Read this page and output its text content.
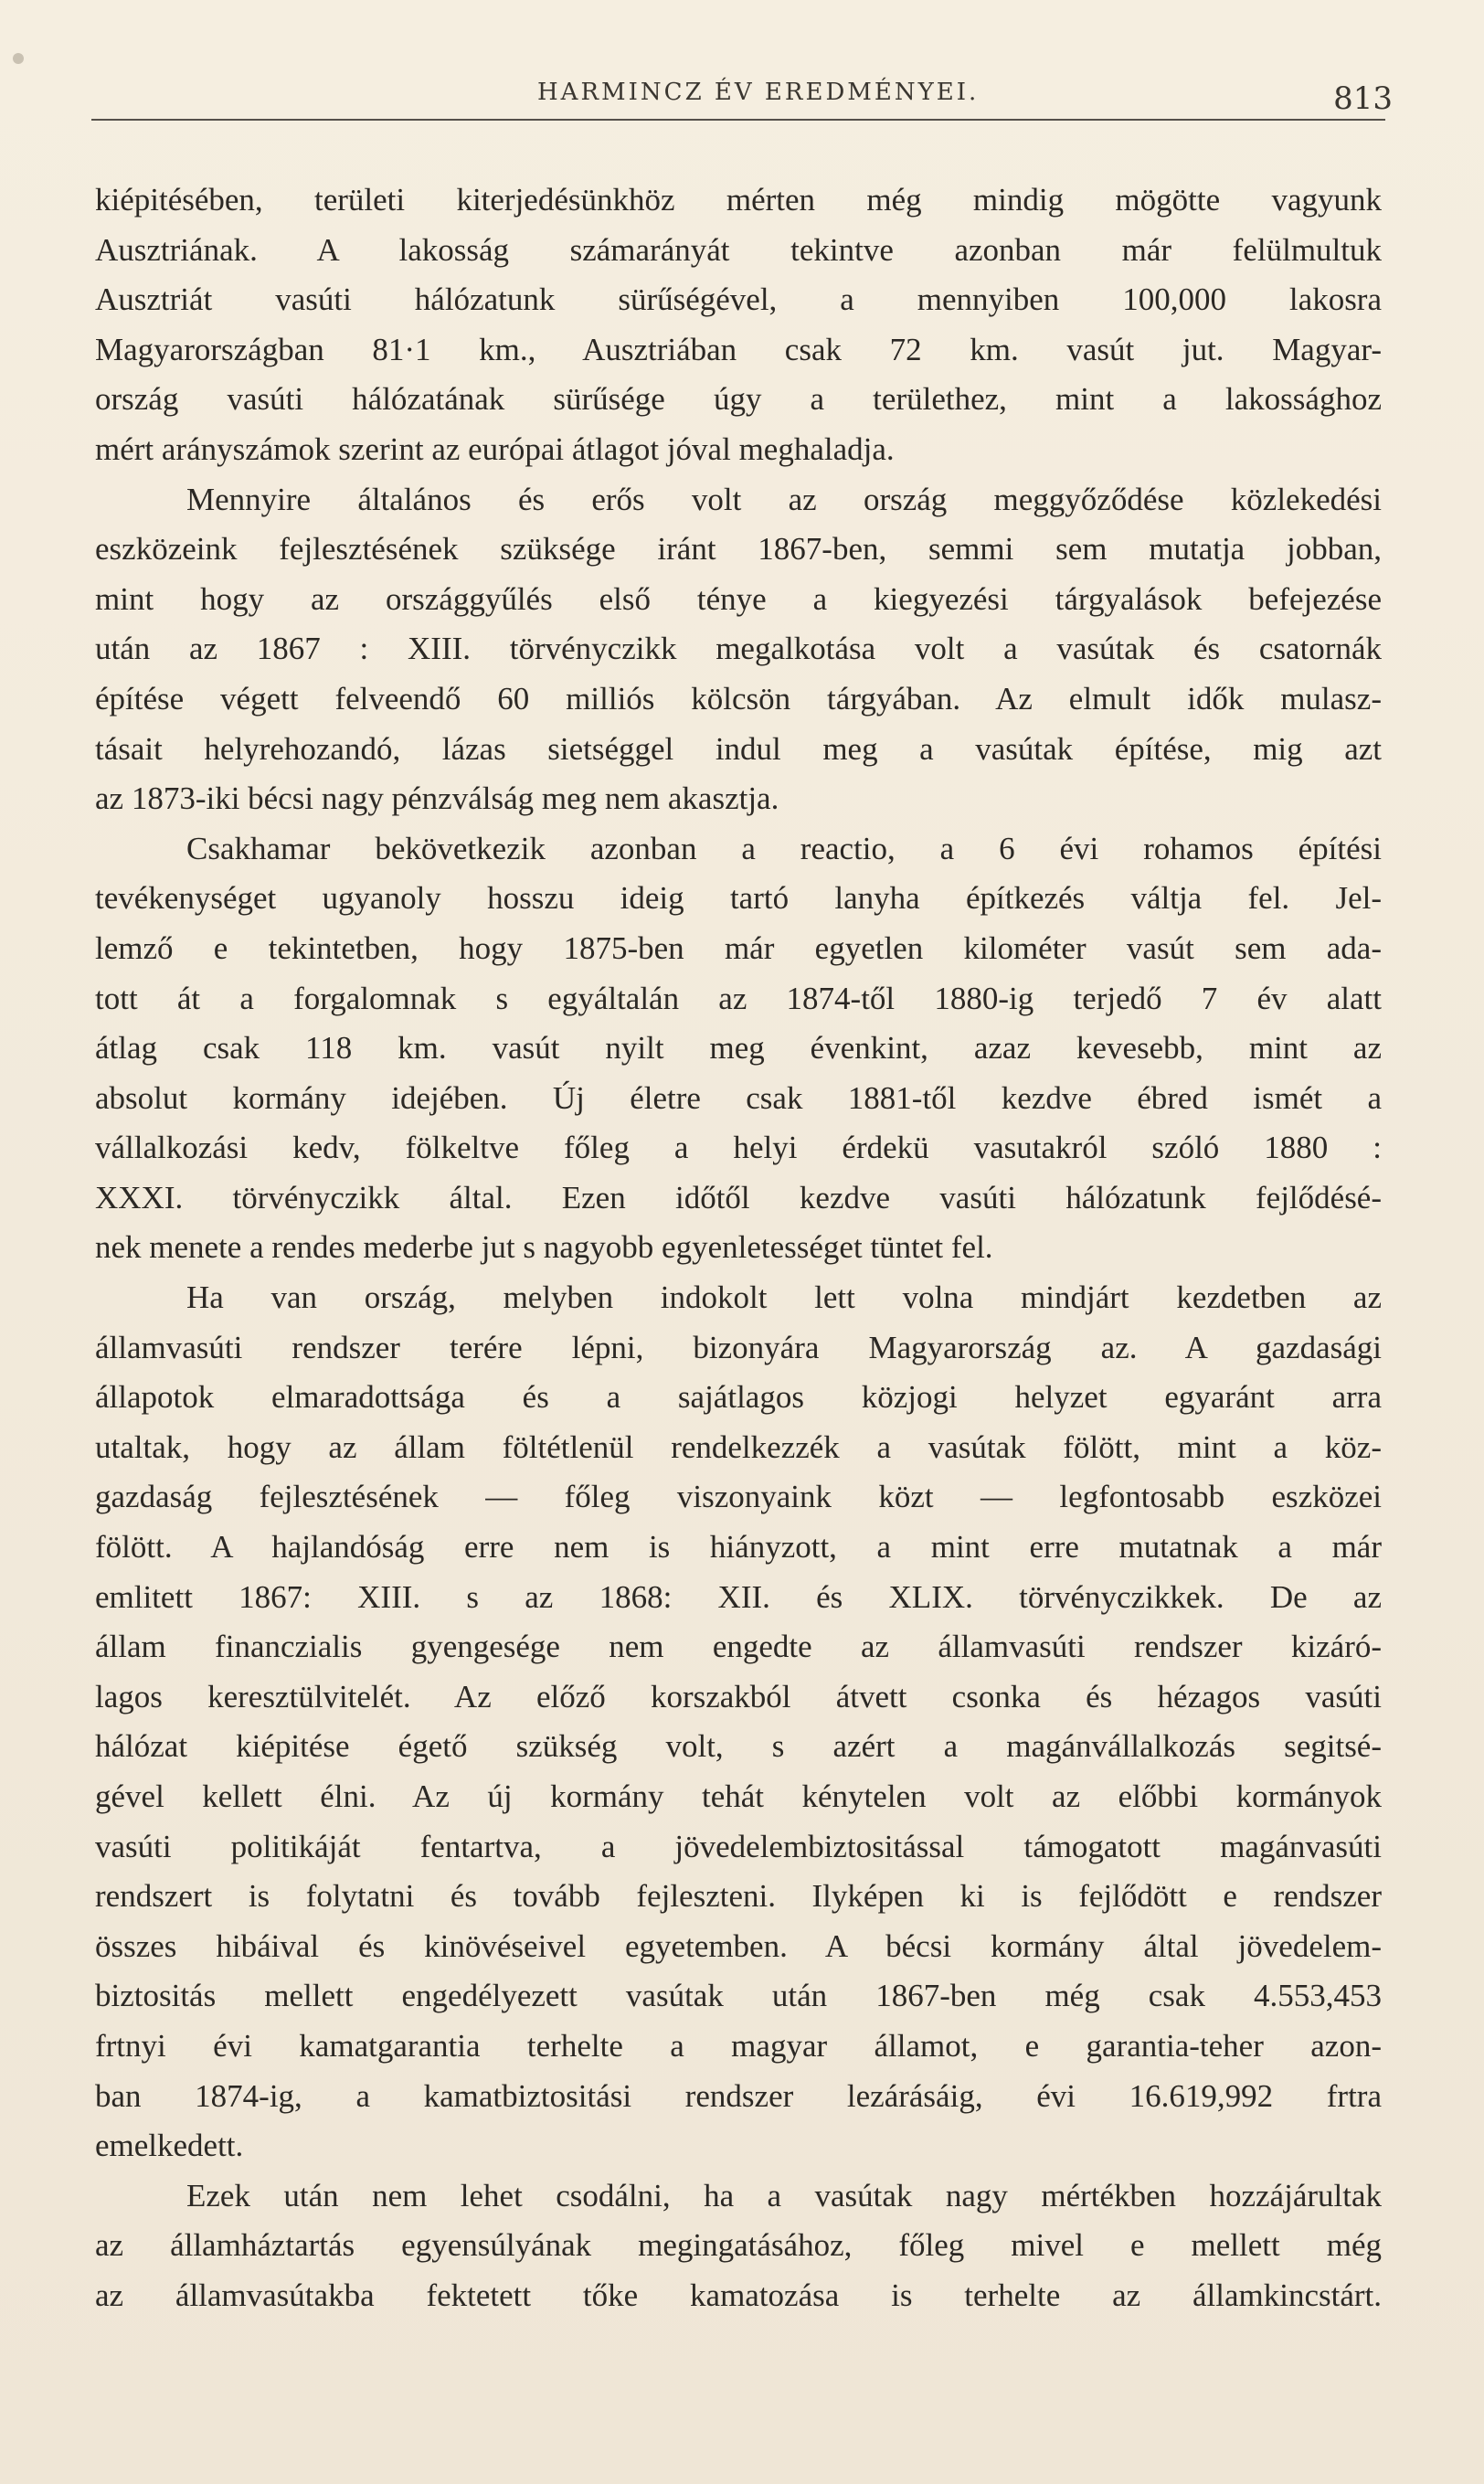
HARMINCZ ÉV EREDMÉNYEI.	813
kiépitésében, területi kiterjedésünkhöz mérten még mindig mögötte vagyunk
Ausztriának. A lakosság számarányát tekintve azonban már felülmultuk
Ausztriát vasúti hálózatunk sürűségével, a mennyiben 100,000 lakosra
Magyarországban 81·1 km., Ausztriában csak 72 km. vasút jut. Magyar-
ország vasúti hálózatának sürűsége úgy a területhez, mint a lakossághoz
mért arányszámok szerint az európai átlagot jóval meghaladja.
Mennyire általános és erős volt az ország meggyőződése közlekedési
eszközeink fejlesztésének szüksége iránt 1867-ben, semmi sem mutatja jobban,
mint hogy az országgyűlés első ténye a kiegyezési tárgyalások befejezése
után az 1867 : XIII. törvényczikk megalkotása volt a vasútak és csatornák
építése végett felveendő 60 milliós kölcsön tárgyában. Az elmult idők mulasz-
tásait helyrehozandó, lázas sietséggel indul meg a vasútak építése, mig azt
az 1873-iki bécsi nagy pénzválság meg nem akasztja.
Csakhamar bekövetkezik azonban a reactio, a 6 évi rohamos építési
tevékenységet ugyanoly hosszu ideig tartó lanyha építkezés váltja fel. Jel-
lemző e tekintetben, hogy 1875-ben már egyetlen kilométer vasút sem ada-
tott át a forgalomnak s egyáltalán az 1874-től 1880-ig terjedő 7 év alatt
átlag csak 118 km. vasút nyilt meg évenkint, azaz kevesebb, mint az
absolut kormány idejében. Új életre csak 1881-től kezdve ébred ismét a
vállalkozási kedv, fölkeltve főleg a helyi érdekü vasutakról szóló 1880 :
XXXI. törvényczikk által. Ezen időtől kezdve vasúti hálózatunk fejlődésé-
nek menete a rendes mederbe jut s nagyobb egyenletességet tüntet fel.
Ha van ország, melyben indokolt lett volna mindjárt kezdetben az
államvasúti rendszer terére lépni, bizonyára Magyarország az. A gazdasági
állapotok elmaradottsága és a sajátlagos közjogi helyzet egyaránt arra
utaltak, hogy az állam föltétlenül rendelkezzék a vasútak fölött, mint a köz-
gazdaság fejlesztésének — főleg viszonyaink közt — legfontosabb eszközei
fölött. A hajlandóság erre nem is hiányzott, a mint erre mutatnak a már
emlitett 1867: XIII. s az 1868: XII. és XLIX. törvényczikkek. De az
állam financzialis gyengesége nem engedte az államvasúti rendszer kizáró-
lagos keresztülvitelét. Az előző korszakból átvett csonka és hézagos vasúti
hálózat kiépitése égető szükség volt, s azért a magánvállalkozás segitsé-
gével kellett élni. Az új kormány tehát kénytelen volt az előbbi kormányok
vasúti politikáját fentartva, a jövedelembiztositással támogatott magánvasúti
rendszert is folytatni és tovább fejleszteni. Ilyképen ki is fejlődött e rendszer
összes hibáival és kinövéseivel egyetemben. A bécsi kormány által jövedelem-
biztositás mellett engedélyezett vasútak után 1867-ben még csak 4.553,453
frtnyi évi kamatgarantia terhelte a magyar államot, e garantia-teher azon-
ban 1874-ig, a kamatbiztositási rendszer lezárásáig, évi 16.619,992 frtra
emelkedett.
Ezek után nem lehet csodálni, ha a vasútak nagy mértékben hozzájárultak
az államháztartás egyensúlyának megingatásához, főleg mivel e mellett még
az államvasútakba fektetett tőke kamatozása is terhelte az államkincstárt.
